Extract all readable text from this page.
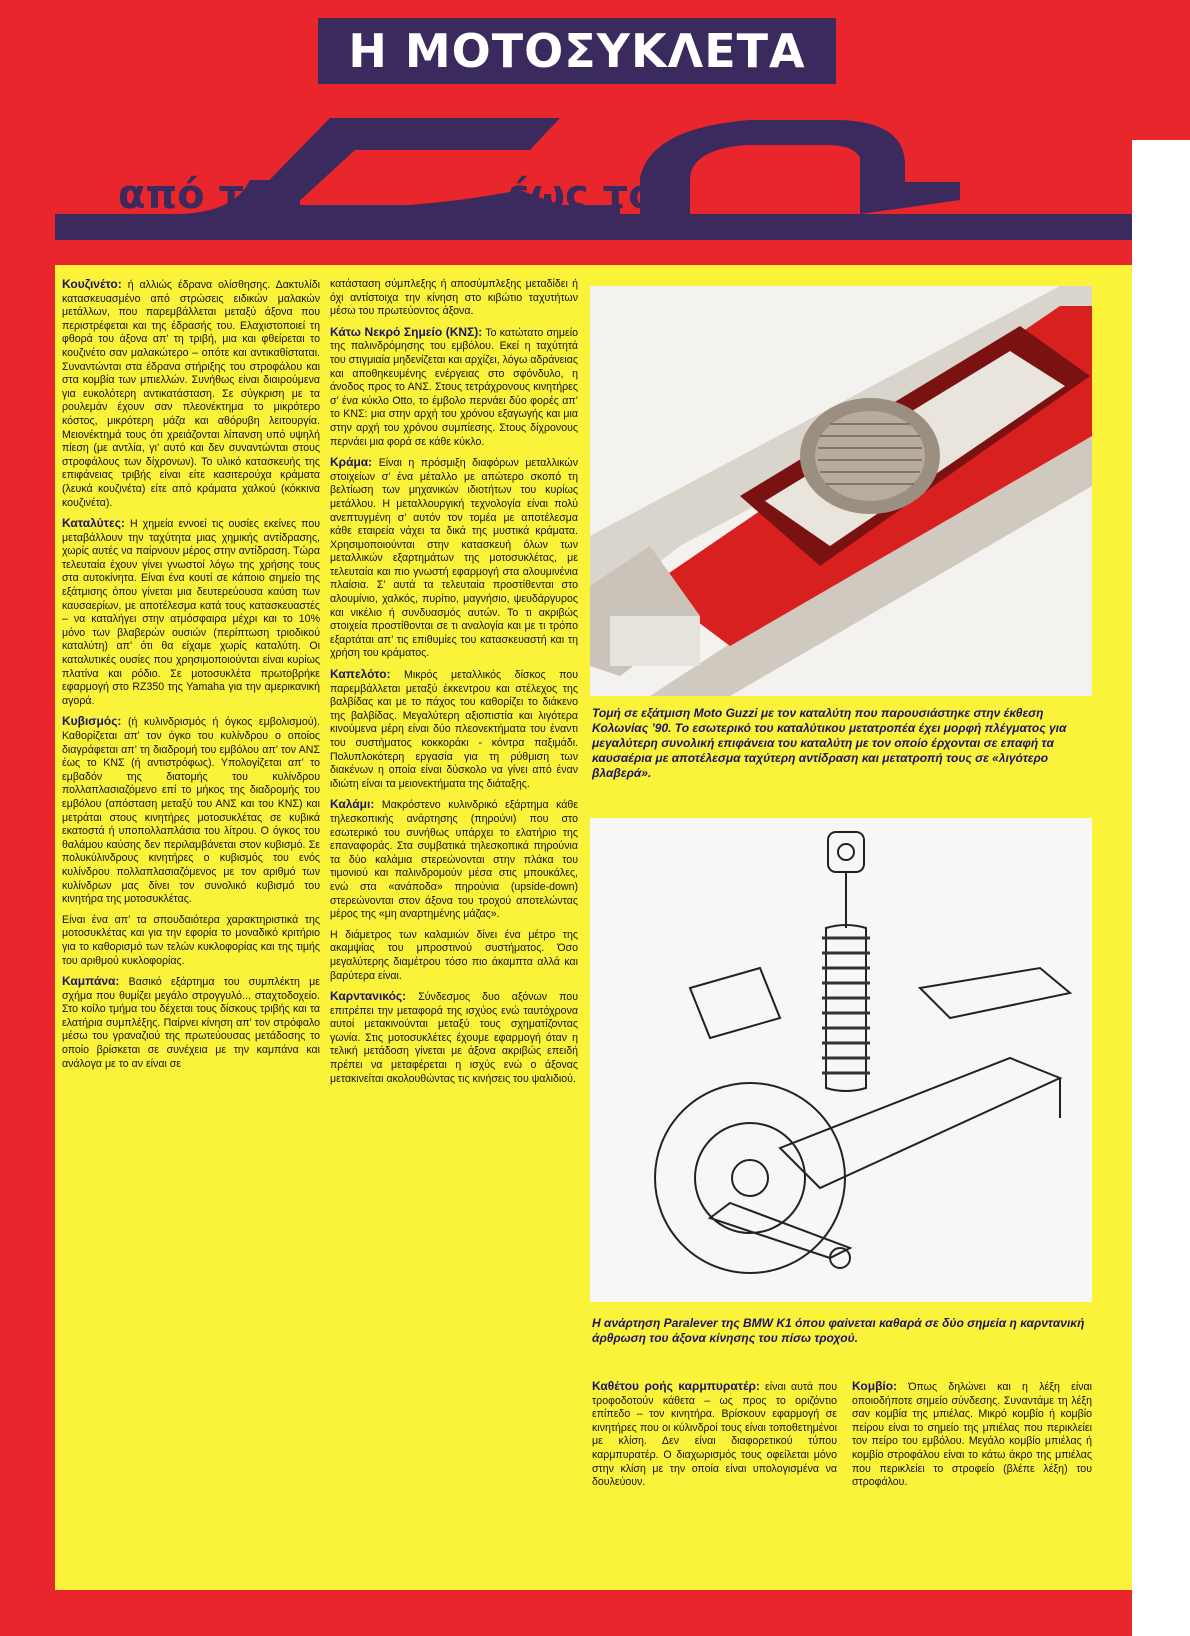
Η ΜΟΤΟΣΥΚΛΕΤΑ
από το	έως το

Κουζινέτο: ή αλλιώς έδρανα ολίσθησης. Δακτυλίδι κατασκευασμένο από στρώσεις ειδικών μαλακών μετάλλων, που παρεμβάλλεται μεταξύ άξονα που περιστρέφεται και της έδρασής του. Ελαχιστοποιεί τη φθορά του άξονα απ’ τη τριβή, μια και φθείρεται το κουζινέτο σαν μαλακώτερο – οπότε και αντικαθίσταται. Συναντώνται στα έδρανα στήριξης του στροφάλου και στα κομβία των μπιελλών. Συνήθως είναι διαιρούμενα για ευκολότερη αντικατάσταση. Σε σύγκριση με τα ρουλεμάν έχουν σαν πλεονέκτημα το μικρότερο κόστος, μικρότερη μάζα και αθόρυβη λειτουργία. Μειονέκτημά τους ότι χρειάζονται λίπανση υπό υψηλή πίεση (με αντλία, γι’ αυτό και δεν συναντώνται στους στροφάλους των δίχρονων). Το υλικό κατασκευής της επιφάνειας τριβής είναι είτε κασιτερούχα κράματα (λευκά κουζινέτα) είτε από κράματα χαλκού (κόκκινα κουζινέτα).

Καταλύτες: Η χημεία εννοεί τις ουσίες εκείνες που μεταβάλλουν την ταχύτητα μιας χημικής αντίδρασης, χωρίς αυτές να παίρνουν μέρος στην αντίδραση. Τώρα τελευταία έχουν γίνει γνωστοί λόγω της χρήσης τους στα αυτοκίνητα. Είναι ένα κουτί σε κάποιο σημείο της εξάτμισης όπου γίνεται μια δευτερεύουσα καύση των καυσαερίων, με αποτέλεσμα κατά τους κατασκευαστές – να καταλήγει στην ατμόσφαιρα μέχρι και το 10% μόνο των βλαβερών ουσιών (περίπτωση τριοδικού καταλύτη) απ’ ότι θα είχαμε χωρίς καταλύτη. Οι καταλυτικές ουσίες που χρησιμοποιούνται είναι κυρίως πλατίνα και ρόδιο. Σε μοτοσυκλέτα πρωτοβρήκε εφαρμογή στο RZ350 της Yamaha για την αμερικανική αγορά.

Κυβισμός: (ή κυλινδρισμός ή όγκος εμβολισμού). Καθορίζεται απ’ τον όγκο του κυλίνδρου ο οποίος διαγράφεται απ’ τη διαδρομή του εμβόλου απ’ τον ΑΝΣ έως το ΚΝΣ (ή αντιστρόφως). Υπολογίζεται απ’ το εμβαδόν της διατομής του κυλίνδρου πολλαπλασιαζόμενο επί το μήκος της διαδρομής του εμβόλου (απόσταση μεταξύ του ΑΝΣ και του ΚΝΣ) και μετράται στους κινητήρες μοτοσυκλέτας σε κυβικά εκατοστά ή υποπολλαπλάσια του λίτρου. Ο όγκος του θαλάμου καύσης δεν περιλαμβάνεται στον κυβισμό. Σε πολυκύλινδρους κινητήρες ο κυβισμός του ενός κυλίνδρου πολλαπλασιαζόμενος με τον αριθμό των κυλίνδρων μας δίνει τον συνολικό κυβισμό του κινητήρα της μοτοσυκλέτας.

Είναι ένα απ’ τα σπουδαιότερα χαρακτηριστικά της μοτοσυκλέτας και για την εφορία το μοναδικό κριτήριο για το καθορισμό των τελών κυκλοφορίας και της τιμής του αριθμού κυκλοφορίας.

Καμπάνα: Βασικό εξάρτημα του συμπλέκτη με σχήμα που θυμίζει μεγάλο στρογγυλό... σταχτοδοχείο. Στο κοίλο τμήμα του δέχεται τους δίσκους τριβής και τα ελατήρια συμπλέξης. Παίρνει κίνηση απ’ τον στρόφαλο μέσω του γραναζιού της πρωτεύουσας μετάδοσης το οποίο βρίσκεται σε συνέχεια με την καμπάνα και ανάλογα με το αν είναι σε

κατάσταση σύμπλεξης ή αποσύμπλεξης μεταδίδει ή όχι αντίστοιχα την κίνηση στο κιβώτιο ταχυτήτων μέσω του πρωτεύοντος άξονα.

Κάτω Νεκρό Σημείο (ΚΝΣ): Το κατώτατο σημείο της παλινδρόμησης του εμβόλου. Εκεί η ταχύτητά του στιγμιαία μηδενίζεται και αρχίζει, λόγω αδράνειας και αποθηκευμένης ενέργειας στο σφόνδυλο, η άνοδος προς το ΑΝΣ. Στους τετράχρονους κινητήρες σ’ ένα κύκλο Otto, το έμβολο περνάει δύο φορές απ’ το ΚΝΣ: μια στην αρχή του χρόνου εξαγωγής και μια στην αρχή του χρόνου συμπίεσης. Στους δίχρονους περνάει μια φορά σε κάθε κύκλο.

Κράμα: Είναι η πρόσμιξη διαφόρων μεταλλικών στοιχείων σ’ ένα μέταλλο με απώτερο σκοπό τη βελτίωση των μηχανικών ιδιοτήτων του κυρίως μετάλλου. Η μεταλλουργική τεχνολογία είναι πολύ ανεπτυγμένη σ’ αυτόν τον τομέα με αποτέλεσμα κάθε εταιρεία νάχει τα δικά της μυστικά κράματα. Χρησιμοποιούνται στην κατασκευή όλων των μεταλλικών εξαρτημάτων της μοτοσυκλέτας, με τελευταία και πιο γνωστή εφαρμογή στα αλουμινένια πλαίσια. Σ’ αυτά τα τελευταία προστίθενται στο αλουμίνιο, χαλκός, πυρίτιο, μαγνήσιο, ψευδάργυρος και νικέλιο ή συνδυασμός αυτών. Το τι ακριβώς στοιχεία προστίθονται σε τι αναλογία και με τι τρόπο εξαρτάται απ’ τις επιθυμίες του κατασκευαστή και τη χρήση του κράματος.

Καπελότο: Μικρός μεταλλικός δίσκος που παρεμβάλλεται μεταξύ έκκεντρου και στέλεχος της βαλβίδας και με το πάχος του καθορίζει το διάκενο της βαλβίδας. Μεγαλύτερη αξιοπιστία και λιγότερα κινούμενα μέρη είναι δύο πλεονεκτήματα του έναντι του συστήματος κοκκοράκι - κόντρα παξιμάδι. Πολυπλοκότερη εργασία για τη ρύθμιση των διακένων η οποία είναι δύσκολο να γίνει από έναν ιδιώτη είναι τα μειονεκτήματα της διάταξης.

Καλάμι: Μακρόστενο κυλινδρικό εξάρτημα κάθε τηλεσκοπικής ανάρτησης (πηρούνι) που στο εσωτερικό του συνήθως υπάρχει το ελατήριο της επαναφοράς. Στα συμβατικά τηλεσκοπικά πηρούνια τα δύο καλάμια στερεώνονται στην πλάκα του τιμονιού και παλινδρομούν μέσα στις μπουκάλες, ενώ στα «ανάποδα» πηρούνια (upside-down) στερεώνονται στον άξονα του τροχού αποτελώντας μέρος της «μη αναρτημένης μάζας».

Η διάμετρος των καλαμιών δίνει ένα μέτρο της ακαμψίας του μπροστινού συστήματος. Όσο μεγαλύτερης διαμέτρου τόσο πιο άκαμπτα αλλά και βαρύτερα είναι.

Καρντανικός: Σύνδεσμος δυο αξόνων που επιτρέπει την μεταφορά της ισχύος ενώ ταυτόχρονα αυτοί μετακινούνται μεταξύ τους σχηματίζοντας γωνία. Στις μοτοσυκλέτες έχουμε εφαρμογή όταν η τελική μετάδοση γίνεται με άξονα ακριβώς επειδή πρέπει να μεταφέρεται η ισχύς ενώ ο άξονας μετακινείται ακολουθώντας τις κινήσεις του ψαλιδιού.

Τομή σε εξάτμιση Moto Guzzi με τον καταλύτη που παρουσιάστηκε στην έκθεση Κολωνίας ’90. Το εσωτερικό του καταλύτικου μετατροπέα έχει μορφή πλέγματος για μεγαλύτερη συνολική επιφάνεια του καταλύτη με τον οποίο έρχονται σε επαφή τα καυσαέρια με αποτέλεσμα ταχύτερη αντίδραση και μετατροπή τους σε «λιγότερο βλαβερά».
Η ανάρτηση Paralever της BMW K1 όπου φαίνεται καθαρά σε δύο σημεία η καρντανική άρθρωση του άξονα κίνησης του πίσω τροχού.

Καθέτου ροής καρμπυρατέρ: είναι αυτά που τροφοδοτούν κάθετα – ως προς το οριζόντιο επίπεδο – τον κινητήρα. Βρίσκουν εφαρμογή σε κινητήρες που οι κύλινδροί τους είναι τοποθετημένοι με κλίση. Δεν είναι διαφορετικού τύπου καρμπυρατέρ. Ο διαχωρισμός τους οφείλεται μόνο στην κλίση με την οποία είναι υπολογισμένα να δουλεύουν.

Κομβίο: Όπως δηλώνει και η λέξη είναι οποιοδήποτε σημείο σύνδεσης. Συναντάμε τη λέξη σαν κομβία της μπιέλας. Μικρό κομβίο ή κομβίο πείρου είναι το σημείο της μπιέλας που περικλείει τον πείρο του εμβόλου. Μεγάλο κομβίο μπιέλας ή κομβίο στροφάλου είναι το κάτω άκρο της μπιέλας που περικλείει το στροφείο (βλέπε λέξη) του στροφάλου.
